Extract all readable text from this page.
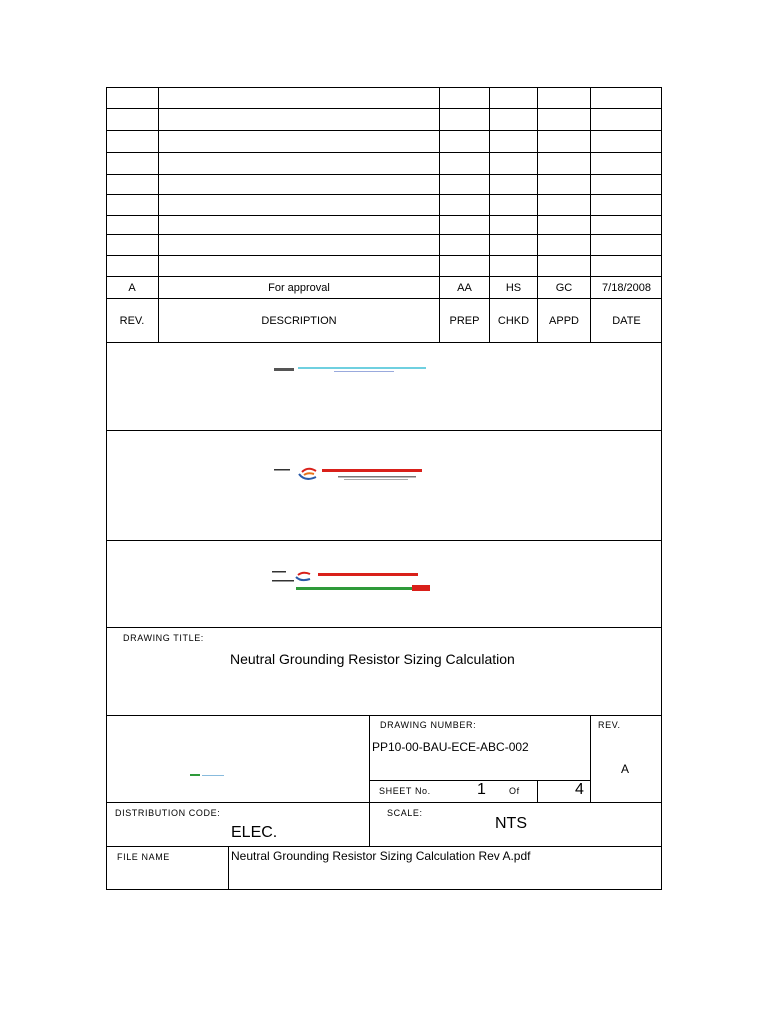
A	For approval	AA	HS	GC	7/18/2008
REV.	DESCRIPTION	PREP	CHKD	APPD	DATE
DRAWING TITLE:
Neutral Grounding Resistor Sizing Calculation
DRAWING NUMBER:
PP10-00-BAU-ECE-ABC-002
REV.
A
SHEET No.	1	Of	4
DISTRIBUTION CODE:
ELEC.
SCALE:
NTS
FILE NAME	Neutral Grounding Resistor Sizing Calculation Rev A.pdf
